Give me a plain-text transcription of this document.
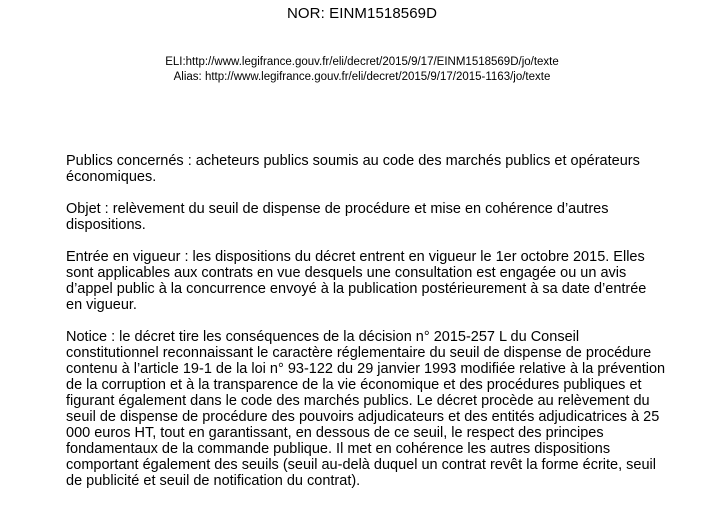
NOR: EINM1518569D
ELI:http://www.legifrance.gouv.fr/eli/decret/2015/9/17/EINM1518569D/jo/texte
Alias: http://www.legifrance.gouv.fr/eli/decret/2015/9/17/2015-1163/jo/texte

Publics concernés : acheteurs publics soumis au code des marchés publics et opérateurs économiques.

Objet : relèvement du seuil de dispense de procédure et mise en cohérence d’autres dispositions.

Entrée en vigueur : les dispositions du décret entrent en vigueur le 1er octobre 2015. Elles sont applicables aux contrats en vue desquels une consultation est engagée ou un avis d’appel public à la concurrence envoyé à la publication postérieurement à sa date d’entrée en vigueur.

Notice : le décret tire les conséquences de la décision n° 2015-257 L du Conseil constitutionnel reconnaissant le caractère réglementaire du seuil de dispense de procédure contenu à l’article 19-1 de la loi n° 93-122 du 29 janvier 1993 modifiée relative à la prévention de la corruption et à la transparence de la vie économique et des procédures publiques et figurant également dans le code des marchés publics. Le décret procède au relèvement du seuil de dispense de procédure des pouvoirs adjudicateurs et des entités adjudicatrices à 25 000 euros HT, tout en garantissant, en dessous de ce seuil, le respect des principes fondamentaux de la commande publique. Il met en cohérence les autres dispositions comportant également des seuils (seuil au-delà duquel un contrat revêt la forme écrite, seuil de publicité et seuil de notification du contrat).
